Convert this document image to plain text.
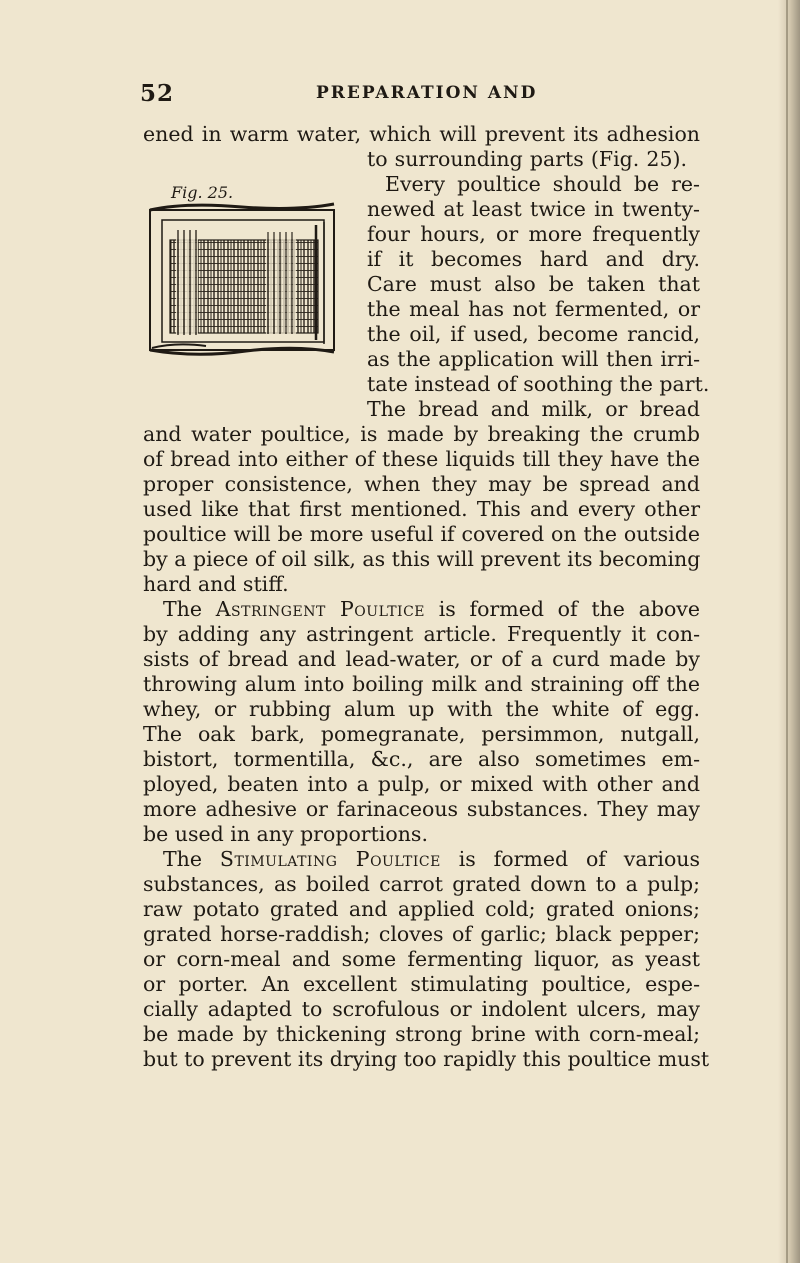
52	PREPARATION AND
Fig. 25.
ened in warm water, which will prevent its adhesion
to surrounding parts (Fig. 25).
Every poultice should be re-
newed at least twice in twenty-
four hours, or more frequently
if it becomes hard and dry.
Care must also be taken that
the meal has not fermented, or
the oil, if used, become rancid,
as the application will then irri-
tate instead of soothing the part.
The bread and milk, or bread
and water poultice, is made by breaking the crumb
of bread into either of these liquids till they have the
proper consistence, when they may be spread and
used like that first mentioned. This and every other
poultice will be more useful if covered on the outside
by a piece of oil silk, as this will prevent its becoming
hard and stiff.
The Astringent Poultice is formed of the above
by adding any astringent article. Frequently it con-
sists of bread and lead-water, or of a curd made by
throwing alum into boiling milk and straining off the
whey, or rubbing alum up with the white of egg.
The oak bark, pomegranate, persimmon, nutgall,
bistort, tormentilla, &c., are also sometimes em-
ployed, beaten into a pulp, or mixed with other and
more adhesive or farinaceous substances. They may
be used in any proportions.
The Stimulating Poultice is formed of various
substances, as boiled carrot grated down to a pulp;
raw potato grated and applied cold; grated onions;
grated horse-raddish; cloves of garlic; black pepper;
or corn-meal and some fermenting liquor, as yeast
or porter. An excellent stimulating poultice, espe-
cially adapted to scrofulous or indolent ulcers, may
be made by thickening strong brine with corn-meal;
but to prevent its drying too rapidly this poultice must
